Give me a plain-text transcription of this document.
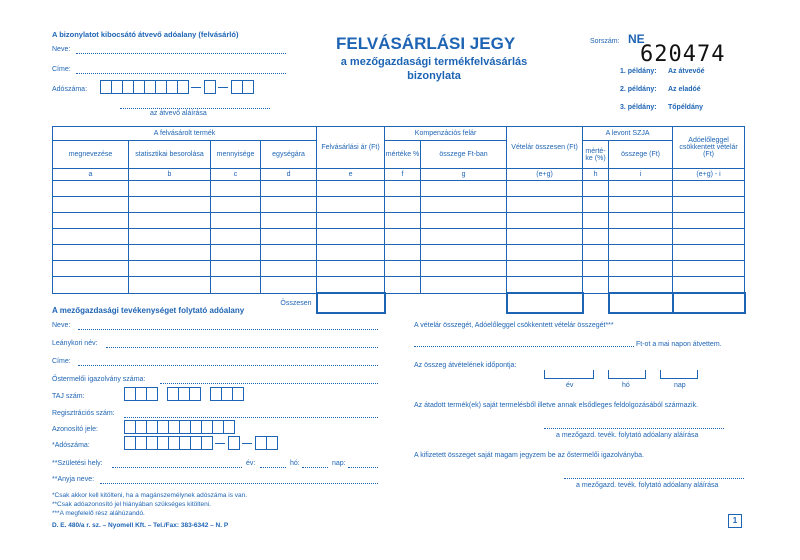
A bizonylatot kibocsátó átvevő adóalany (felvásárló)
Neve:
Címe:
Adószáma:
az átvevő aláírása
FELVÁSÁRLÁSI JEGY
a mezőgazdasági termékfelvásárlás
bizonylata
Sorszám: NE
620474
1. példány: Az átvevőé
2. példány: Az eladóé
3. példány: Tőpéldány
A felvásárolt termék				Felvásárlási ár (Ft)	Kompenzációs felár		Vételár összesen (Ft)	A levont SZJA		Adóelőleggel csökkentett vételár (Ft)
megnevezése	statisztikai besorolása	mennyisége	egységára		mértéke %	összege Ft-ban		mérté- ke (%)	összege (Ft)	
a	b	c	d	e	f	g	(e+g)	h	i	(e+g) - i

Összesen										
A mezőgazdasági tevékenységet folytató adóalany
Neve:
Leánykori név:
Címe:
Őstermelői igazolvány száma:
TAJ szám:
Regisztrációs szám:
Azonosító jele:
*Adószáma:
**Születési hely:	év:	hó:	nap:
**Anyja neve:
*Csak akkor kell kitölteni, ha a magánszemélynek adószáma is van.
**Csak adóazonosító jel hiányában szükséges kitölteni.
***A megfelelő rész aláhúzandó.
D. E. 480/a r. sz. – Nyomell Kft. – Tel./Fax: 383-6342 – N. P
A vételár összegét, Adóelőleggel csökkentett vételár összegét***
Ft-ot a mai napon átvettem.
Az összeg átvételének időpontja:
év	hó	nap
Az átadott termék(ek) saját termelésből illetve annak elsődleges feldolgozásából származik.
a mezőgazd. tevék. folytató adóalany aláírása
A kifizetett összeget saját magam jegyzem be az őstermelői igazolványba.
a mezőgazd. tevék. folytató adóalany aláírása
1
